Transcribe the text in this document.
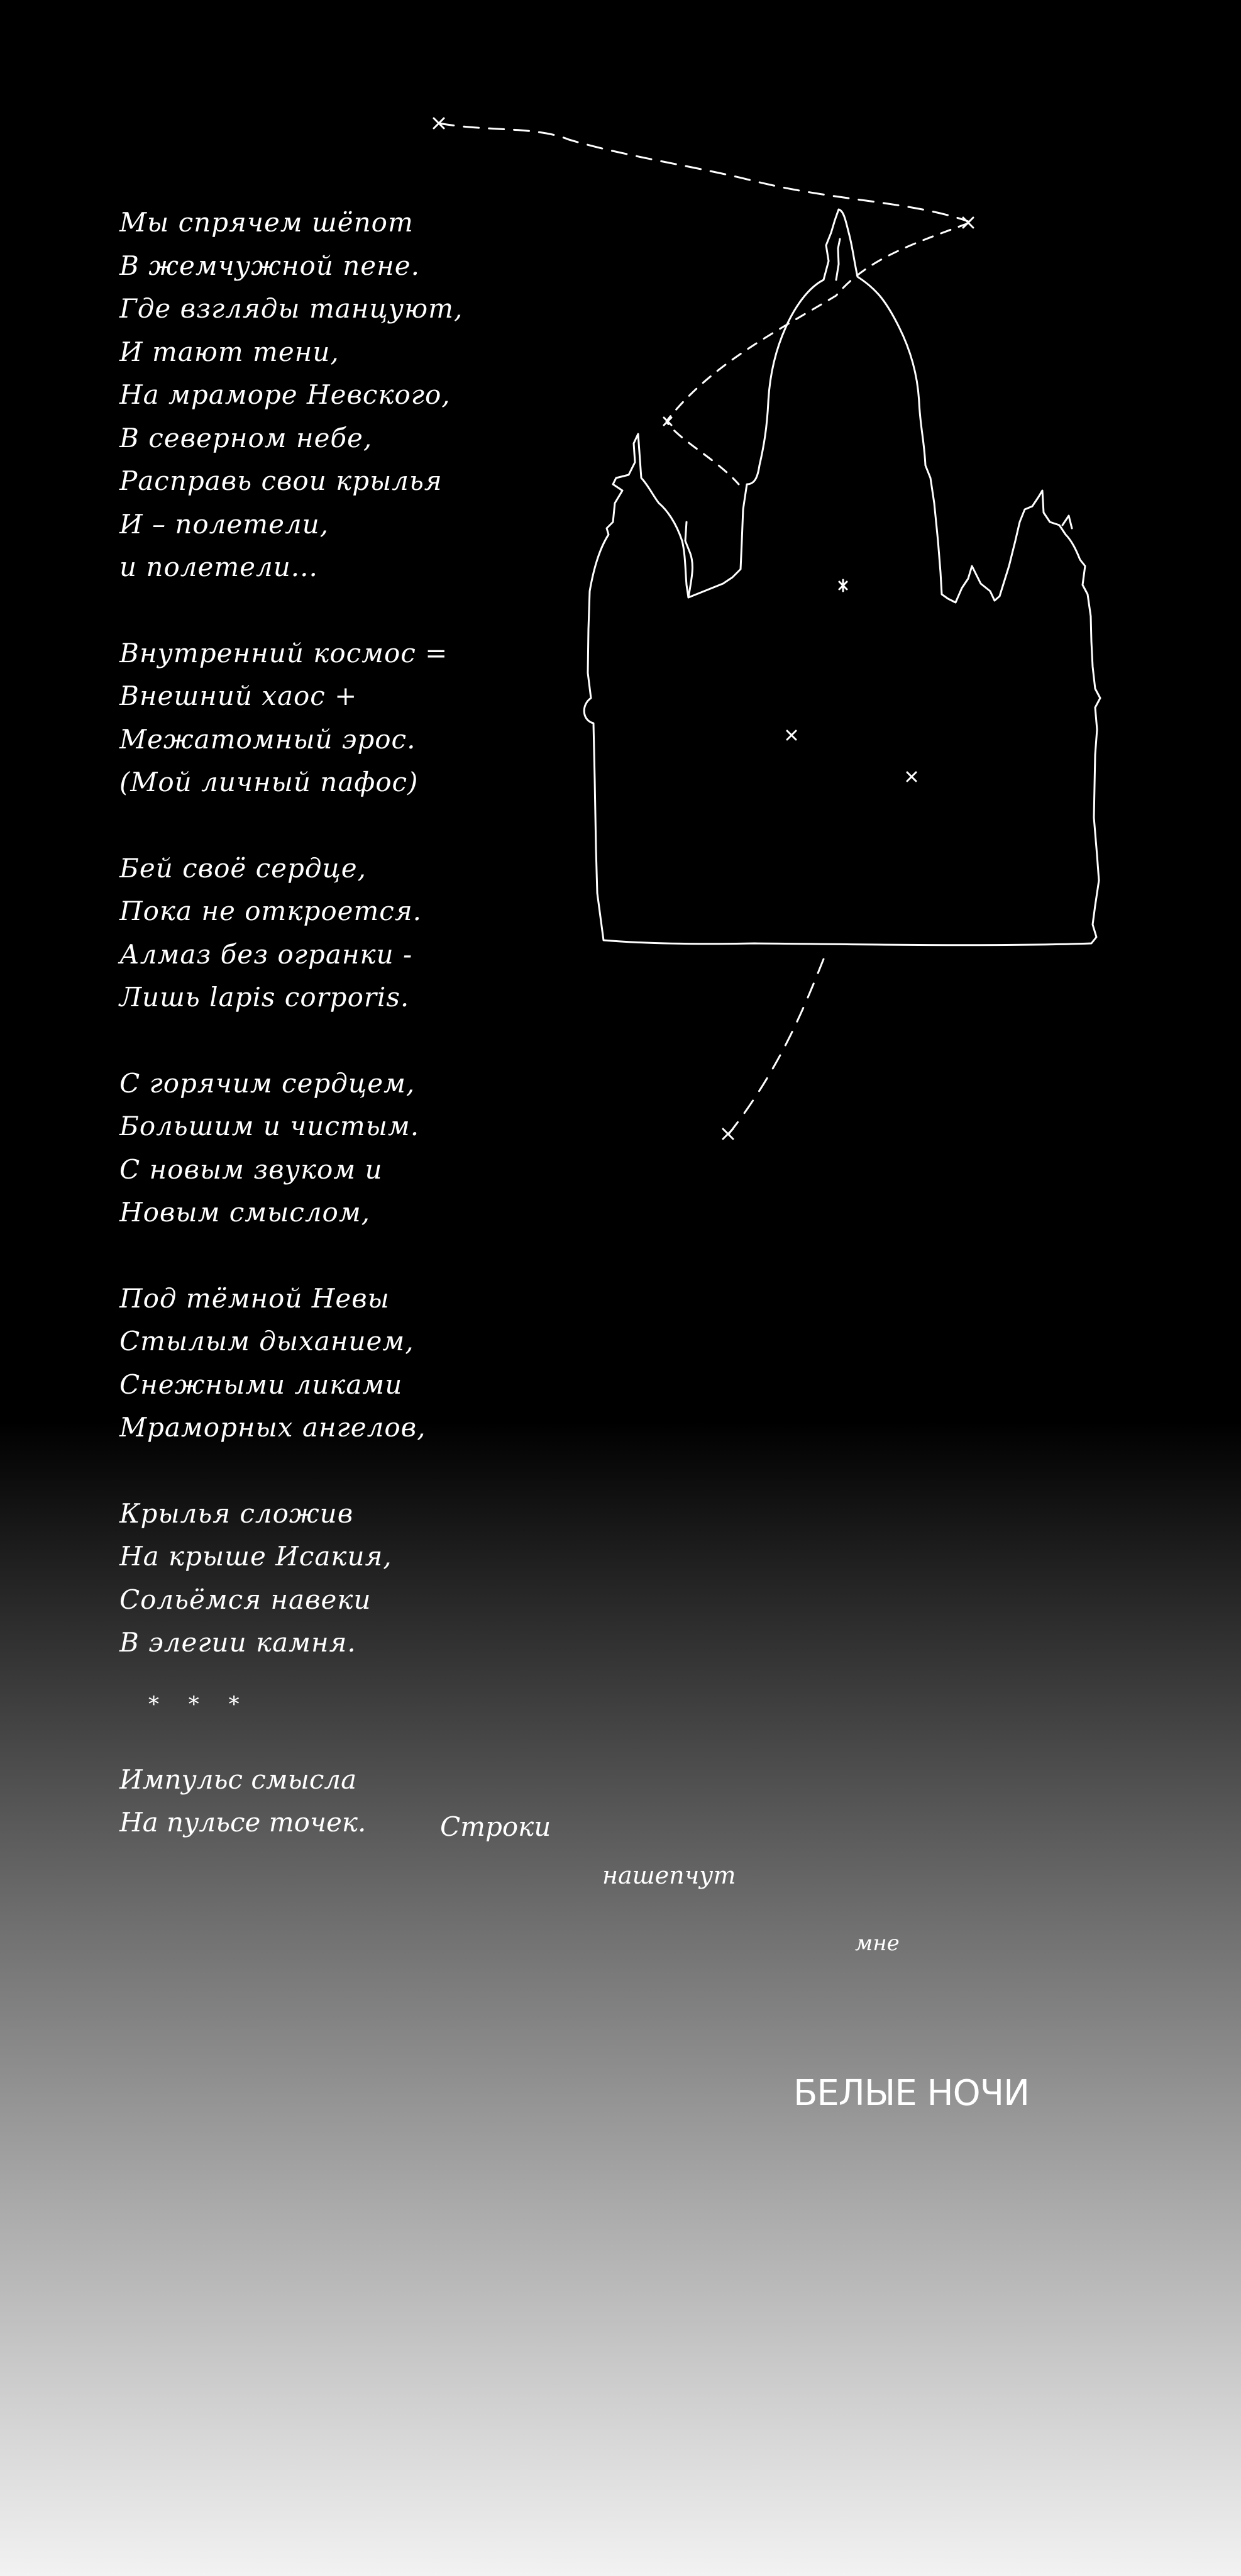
Мы спрячем шёпот
В жемчужной пене.
Где взгляды танцуют,
И тают тени,
На мраморе Невского,
В северном небе,
Расправь свои крылья
И – полетели,
и полетели...
Внутренний космос =
Внешний хаос +
Межатомный эрос.
(Мой личный пафос)
Бей своё сердце,
Пока не откроется.
Алмаз без огранки -
Лишь lapis corporis.
С горячим сердцем,
Большим и чистым.
С новым звуком и
Новым смыслом,
Под тёмной Невы
Стылым дыханием,
Снежными ликами
Мраморных ангелов,
Крылья сложив
На крыше Исакия,
Сольёмся навеки
В элегии камня.
* * *
Импульс смысла
На пульсе точек.	Строки
нашепчут
мне
БЕЛЫЕ НОЧИ
